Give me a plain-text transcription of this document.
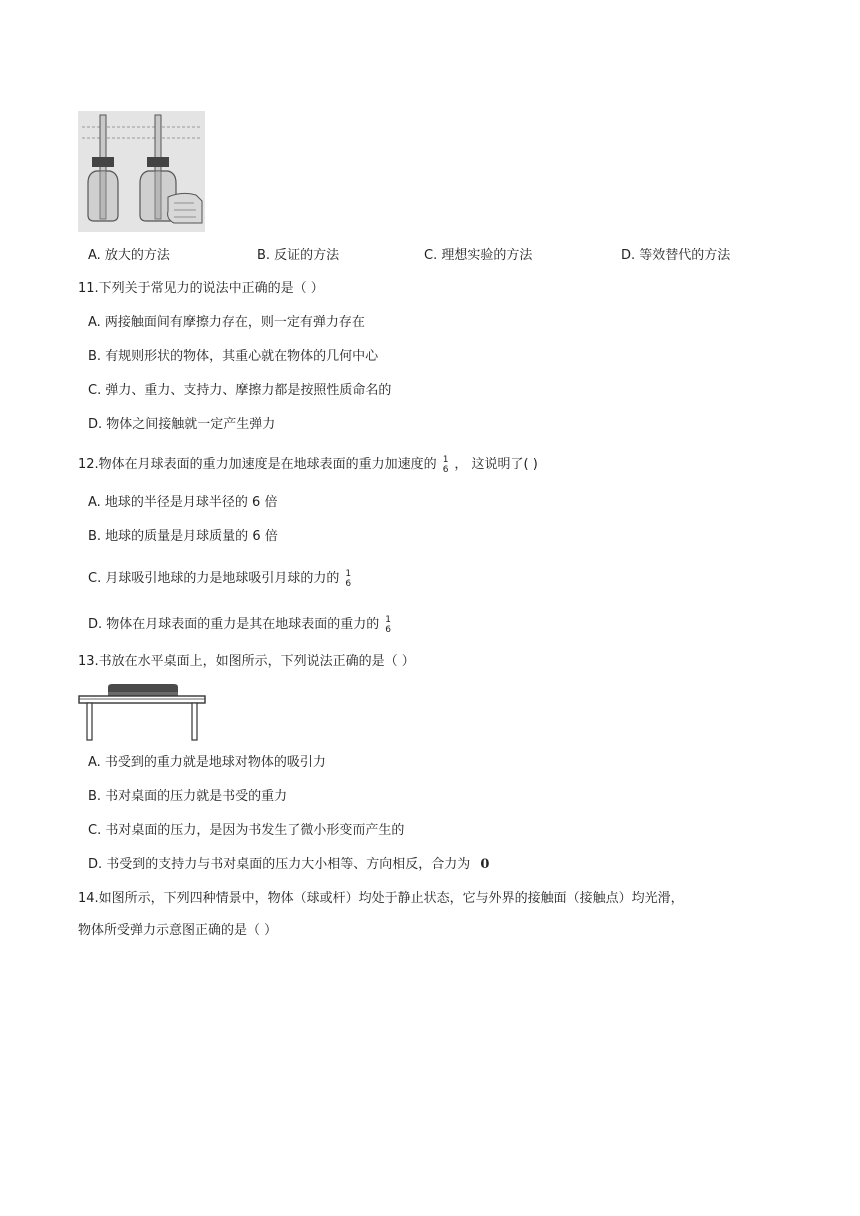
A. 放大的方法	B. 反证的方法	C. 理想实验的方法	D. 等效替代的方法
11.下列关于常见力的说法中正确的是（ ）
A. 两接触面间有摩擦力存在，则一定有弹力存在
B. 有规则形状的物体，其重心就在物体的几何中心
C. 弹力、重力、支持力、摩擦力都是按照性质命名的
D. 物体之间接触就一定产生弹力
12.物体在月球表面的重力加速度是在地球表面的重力加速度的 1
6 ， 这说明了( )
A. 地球的半径是月球半径的 6 倍
B. 地球的质量是月球质量的 6 倍
C. 月球吸引地球的力是地球吸引月球的力的 1
6
D. 物体在月球表面的重力是其在地球表面的重力的 1
6
13.书放在水平桌面上，如图所示，下列说法正确的是（ ）
A. 书受到的重力就是地球对物体的吸引力
B. 书对桌面的压力就是书受的重力
C. 书对桌面的压力，是因为书发生了微小形变而产生的
D. 书受到的支持力与书对桌面的压力大小相等、方向相反，合力为 0
14.如图所示，下列四种情景中，物体（球或杆）均处于静止状态，它与外界的接触面（接触点）均光滑，
物体所受弹力示意图正确的是（ ）
